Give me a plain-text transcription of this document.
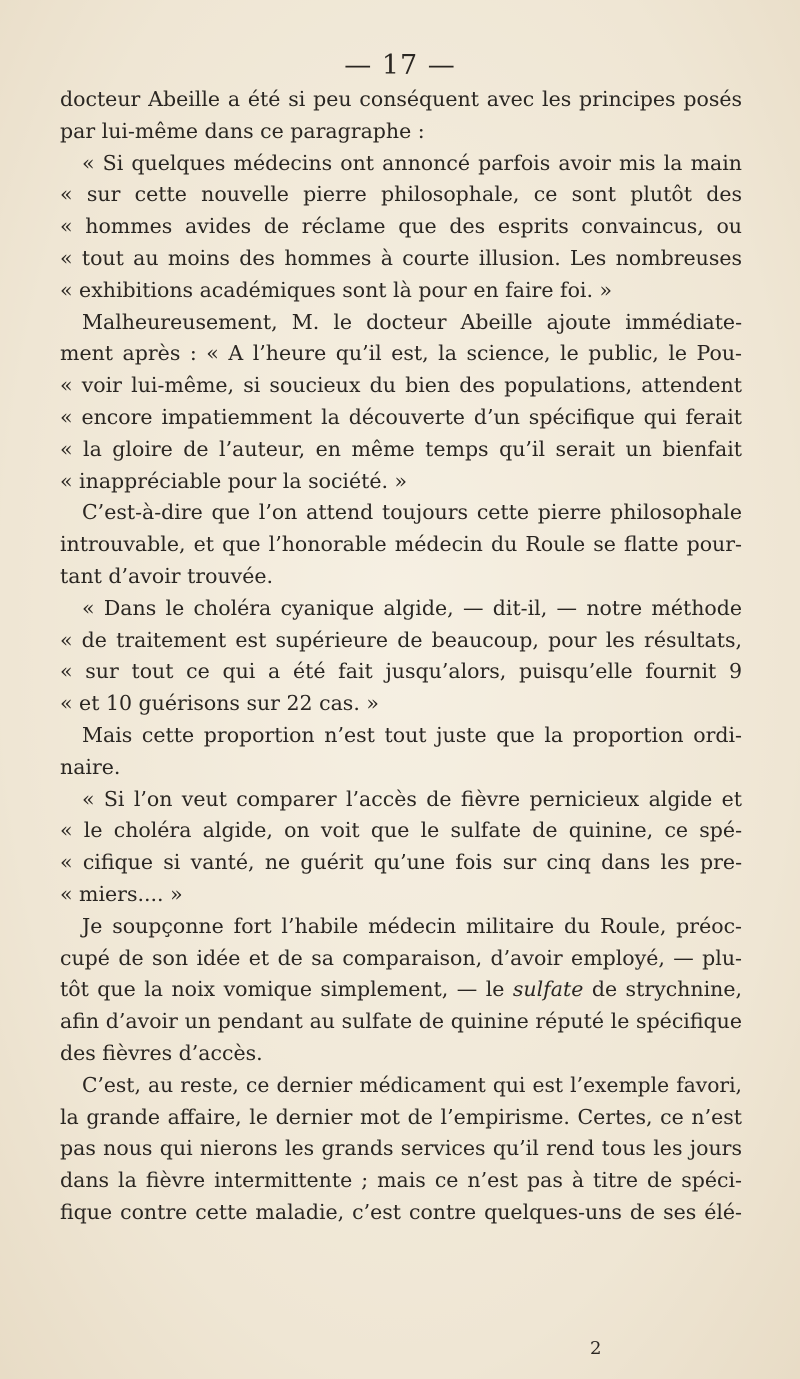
— 17 —
docteur Abeille a été si peu conséquent avec les principes posés
par lui-même dans ce paragraphe :
« Si quelques médecins ont annoncé parfois avoir mis la main
« sur cette nouvelle pierre philosophale, ce sont plutôt des
« hommes avides de réclame que des esprits convaincus, ou
« tout au moins des hommes à courte illusion. Les nombreuses
« exhibitions académiques sont là pour en faire foi. »
Malheureusement, M. le docteur Abeille ajoute immédiate-
ment après : « A l’heure qu’il est, la science, le public, le Pou-
« voir lui-même, si soucieux du bien des populations, attendent
« encore impatiemment la découverte d’un spécifique qui ferait
« la gloire de l’auteur, en même temps qu’il serait un bienfait
« inappréciable pour la société. »
C’est-à-dire que l’on attend toujours cette pierre philosophale
introuvable, et que l’honorable médecin du Roule se flatte pour-
tant d’avoir trouvée.
« Dans le choléra cyanique algide, — dit-il, — notre méthode
« de traitement est supérieure de beaucoup, pour les résultats,
« sur tout ce qui a été fait jusqu’alors, puisqu’elle fournit 9
« et 10 guérisons sur 22 cas. »
Mais cette proportion n’est tout juste que la proportion ordi-
naire.
« Si l’on veut comparer l’accès de fièvre pernicieux algide et
« le choléra algide, on voit que le sulfate de quinine, ce spé-
« cifique si vanté, ne guérit qu’une fois sur cinq dans les pre-
« miers.... »
Je soupçonne fort l’habile médecin militaire du Roule, préoc-
cupé de son idée et de sa comparaison, d’avoir employé, — plu-
tôt que la noix vomique simplement, — le sulfate de strychnine,
afin d’avoir un pendant au sulfate de quinine réputé le spécifique
des fièvres d’accès.
C’est, au reste, ce dernier médicament qui est l’exemple favori,
la grande affaire, le dernier mot de l’empirisme. Certes, ce n’est
pas nous qui nierons les grands services qu’il rend tous les jours
dans la fièvre intermittente ; mais ce n’est pas à titre de spéci-
fique contre cette maladie, c’est contre quelques-uns de ses élé-
2
